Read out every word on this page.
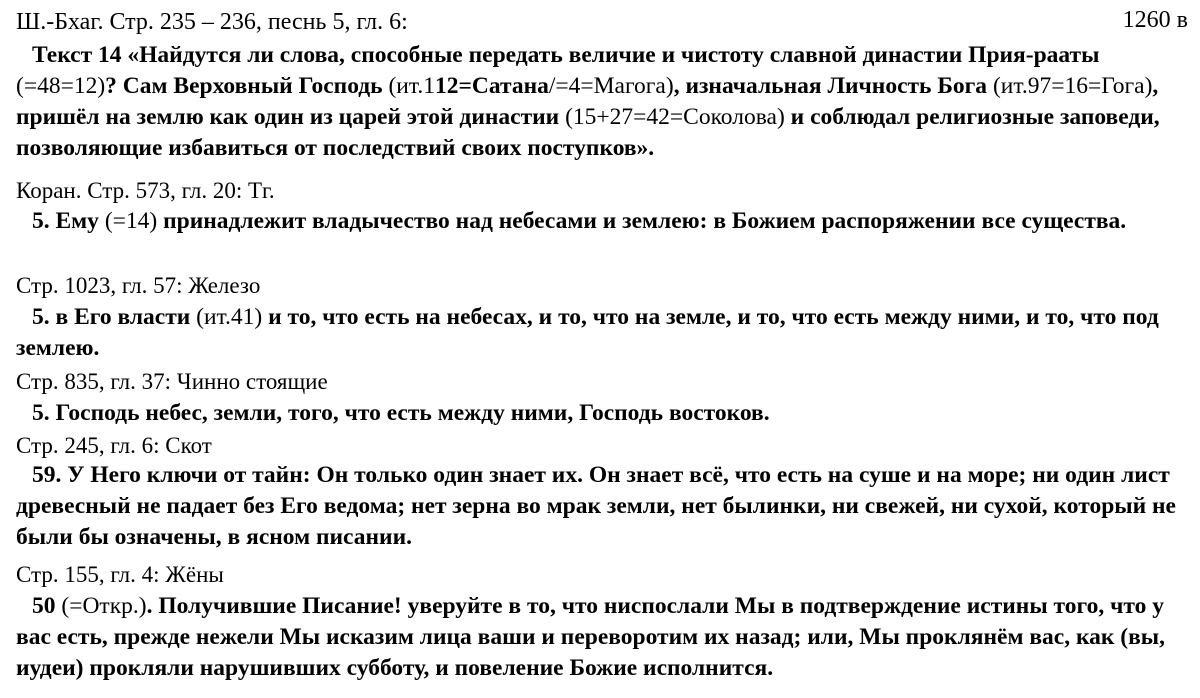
1260 в
Ш.-Бхаг. Стр. 235 – 236, песнь 5, гл. 6:

Текст 14 «Найдутся ли слова, способные передать величие и чистоту славной династии Прия-рааты (=48=12)? Сам Верховный Господь (ит.112=Сатана/=4=Магога), изначальная Личность Бога (ит.97=16=Гога), пришёл на землю как один из царей этой династии (15+27=42=Соколова) и соблюдал религиозные заповеди, позволяющие избавиться от последствий своих поступков».

Коран. Стр. 573, гл. 20: Тг.

5. Ему (=14) принадлежит владычество над небесами и землею: в Божием распоряжении все существа.

Стр. 1023, гл. 57: Железо

5. в Его власти (ит.41) и то, что есть на небесах, и то, что на земле, и то, что есть между ними, и то, что под землею.

Стр. 835, гл. 37: Чинно стоящие

5. Господь небес, земли, того, что есть между ними, Господь востоков.

Стр. 245, гл. 6: Скот

59. У Него ключи от тайн: Он только один знает их. Он знает всё, что есть на суше и на море; ни один лист древесный не падает без Его ведома; нет зерна во мрак земли, нет былинки, ни свежей, ни сухой, который не были бы означены, в ясном писании.

Стр. 155, гл. 4: Жёны

50 (=Откр.). Получившие Писание! уверуйте в то, что ниспослали Мы в подтверждение истины того, что у вас есть, прежде нежели Мы исказим лица ваши и переворотим их назад; или, Мы проклянём вас, как (вы, иудеи) прокляли нарушивших субботу, и повеление Божие исполнится.
